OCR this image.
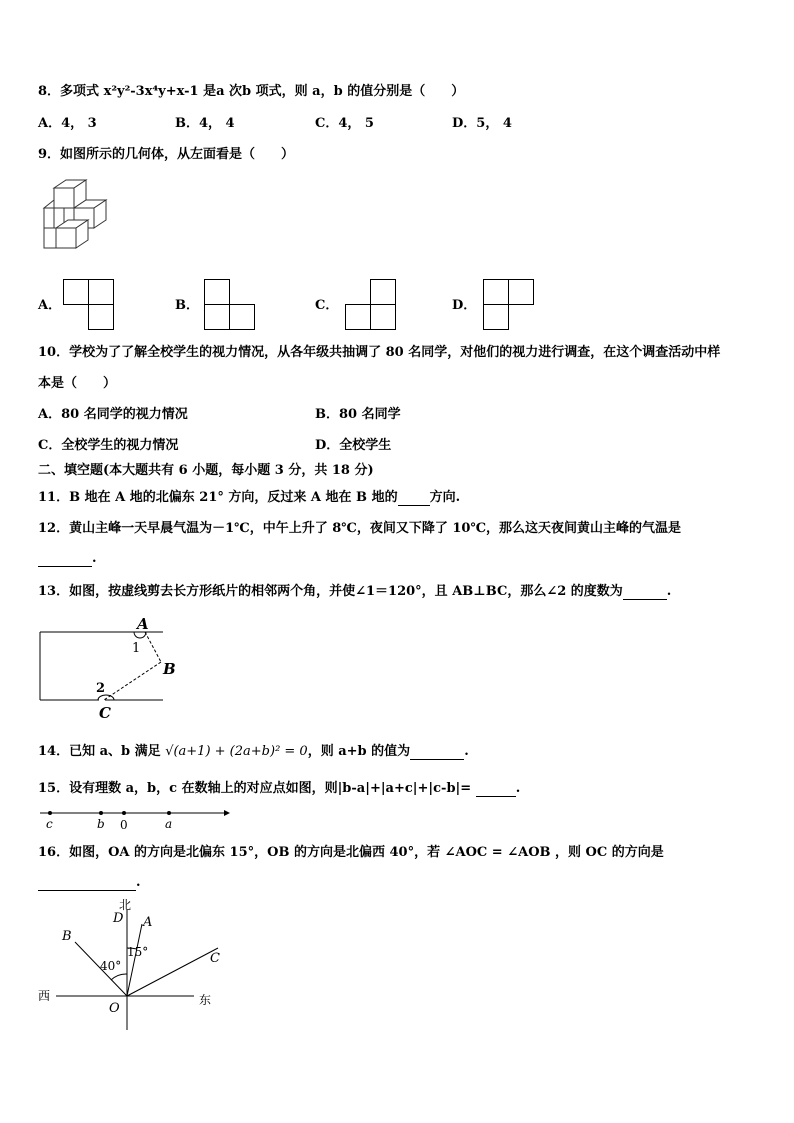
8．多项式 x²y²-3x⁴y+x-1 是a 次b 项式，则 a，b 的值分别是（　　）
A．4， 3	B．4， 4	C．4， 5	D．5， 4
9．如图所示的几何体，从左面看是（　　）
A．	B．	C．	D．
10．学校为了了解全校学生的视力情况，从各年级共抽调了 80 名同学，对他们的视力进行调查，在这个调查活动中样
本是（　　）
A．80 名同学的视力情况	B．80 名同学
C．全校学生的视力情况	D．全校学生
二、填空题(本大题共有 6 小题，每小题 3 分，共 18 分)
11．B 地在 A 地的北偏东 21° 方向，反过来 A 地在 B 地的 方向.
12．黄山主峰一天早晨气温为－1℃，中午上升了 8℃，夜间又下降了 10℃，那么这天夜间黄山主峰的气温是
.
13．如图，按虚线剪去长方形纸片的相邻两个角，并使∠1＝120°，且 AB⊥BC，那么∠2 的度数为	.
A
1
B
2
C
14．已知 a、b 满足 √(a+1) + (2a+b)² = 0，则 a+b 的值为	.
15．设有理数 a，b，c 在数轴上的对应点如图，则|b-a|+|a+c|+|c-b|=	.
c	b 0	a
16．如图，OA 的方向是北偏东 15°，OB 的方向是北偏西 40°，若 ∠AOC = ∠AOB ，则 OC 的方向是
.
北
D A
B
C
40°
15°
西	东
O
